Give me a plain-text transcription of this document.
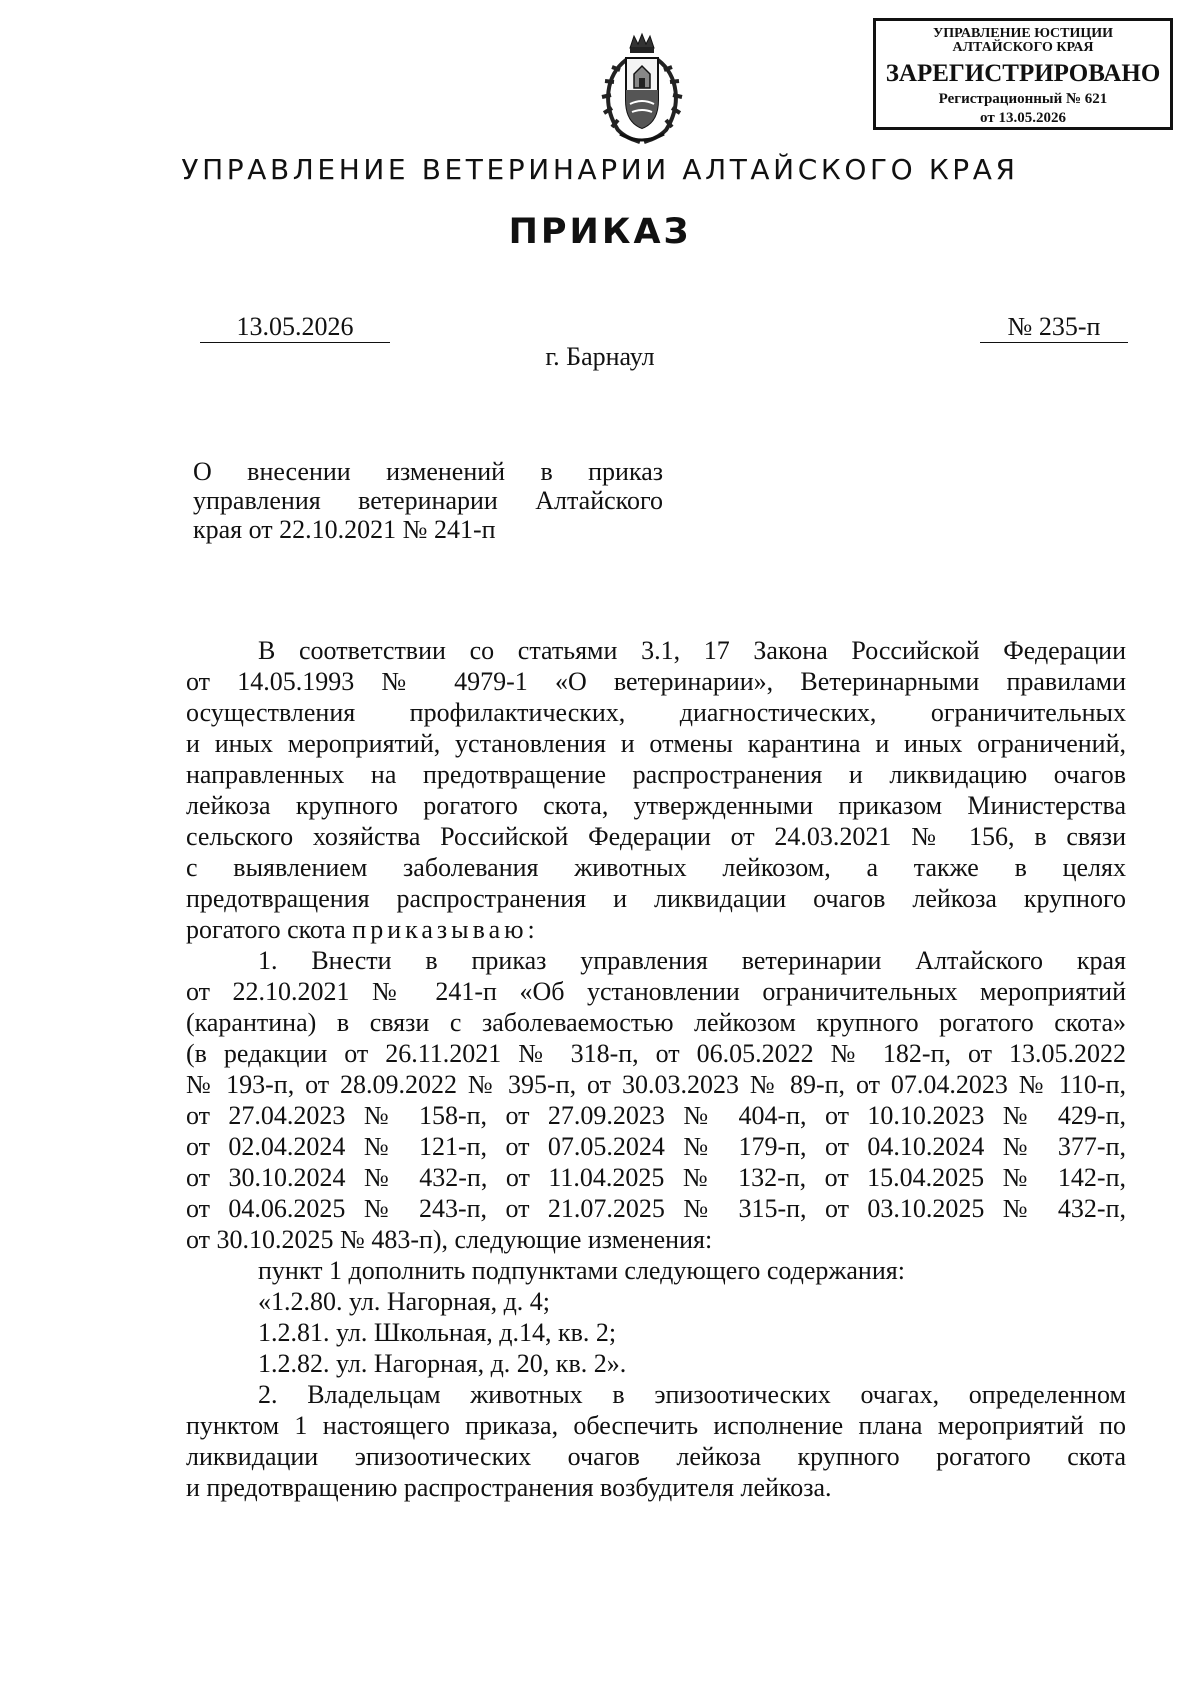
УПРАВЛЕНИЕ ЮСТИЦИИ
АЛТАЙСКОГО КРАЯ
ЗАРЕГИСТРИРОВАНО
Регистрационный № 621
от 13.05.2026
УПРАВЛЕНИЕ ВЕТЕРИНАРИИ АЛТАЙСКОГО КРАЯ
ПРИКАЗ
13.05.2026	№ 235-п
г. Барнаул
О внесении изменений в приказ
управления ветеринарии Алтайского
края от 22.10.2021 № 241-п
В соответствии со статьями 3.1, 17 Закона Российской Федерации
от 14.05.1993 № 4979-1 «О ветеринарии», Ветеринарными правилами
осуществления профилактических, диагностических, ограничительных
и иных мероприятий, установления и отмены карантина и иных ограничений,
направленных на предотвращение распространения и ликвидацию очагов
лейкоза крупного рогатого скота, утвержденными приказом Министерства
сельского хозяйства Российской Федерации от 24.03.2021 № 156, в связи
с выявлением заболевания животных лейкозом, а также в целях
предотвращения распространения и ликвидации очагов лейкоза крупного
рогатого скота приказываю:
1. Внести в приказ управления ветеринарии Алтайского края
от 22.10.2021 № 241-п «Об установлении ограничительных мероприятий
(карантина) в связи с заболеваемостью лейкозом крупного рогатого скота»
(в редакции от 26.11.2021 № 318-п, от 06.05.2022 № 182-п, от 13.05.2022
№ 193-п, от 28.09.2022 № 395-п, от 30.03.2023 № 89-п, от 07.04.2023 № 110-п,
от 27.04.2023 № 158-п, от 27.09.2023 № 404-п, от 10.10.2023 № 429-п,
от 02.04.2024 № 121-п, от 07.05.2024 № 179-п, от 04.10.2024 № 377-п,
от 30.10.2024 № 432-п, от 11.04.2025 № 132-п, от 15.04.2025 № 142-п,
от 04.06.2025 № 243-п, от 21.07.2025 № 315-п, от 03.10.2025 № 432-п,
от 30.10.2025 № 483-п), следующие изменения:
пункт 1 дополнить подпунктами следующего содержания:
«1.2.80. ул. Нагорная, д. 4;
1.2.81. ул. Школьная, д.14, кв. 2;
1.2.82. ул. Нагорная, д. 20, кв. 2».
2. Владельцам животных в эпизоотических очагах, определенном
пунктом 1 настоящего приказа, обеспечить исполнение плана мероприятий по
ликвидации эпизоотических очагов лейкоза крупного рогатого скота
и предотвращению распространения возбудителя лейкоза.
